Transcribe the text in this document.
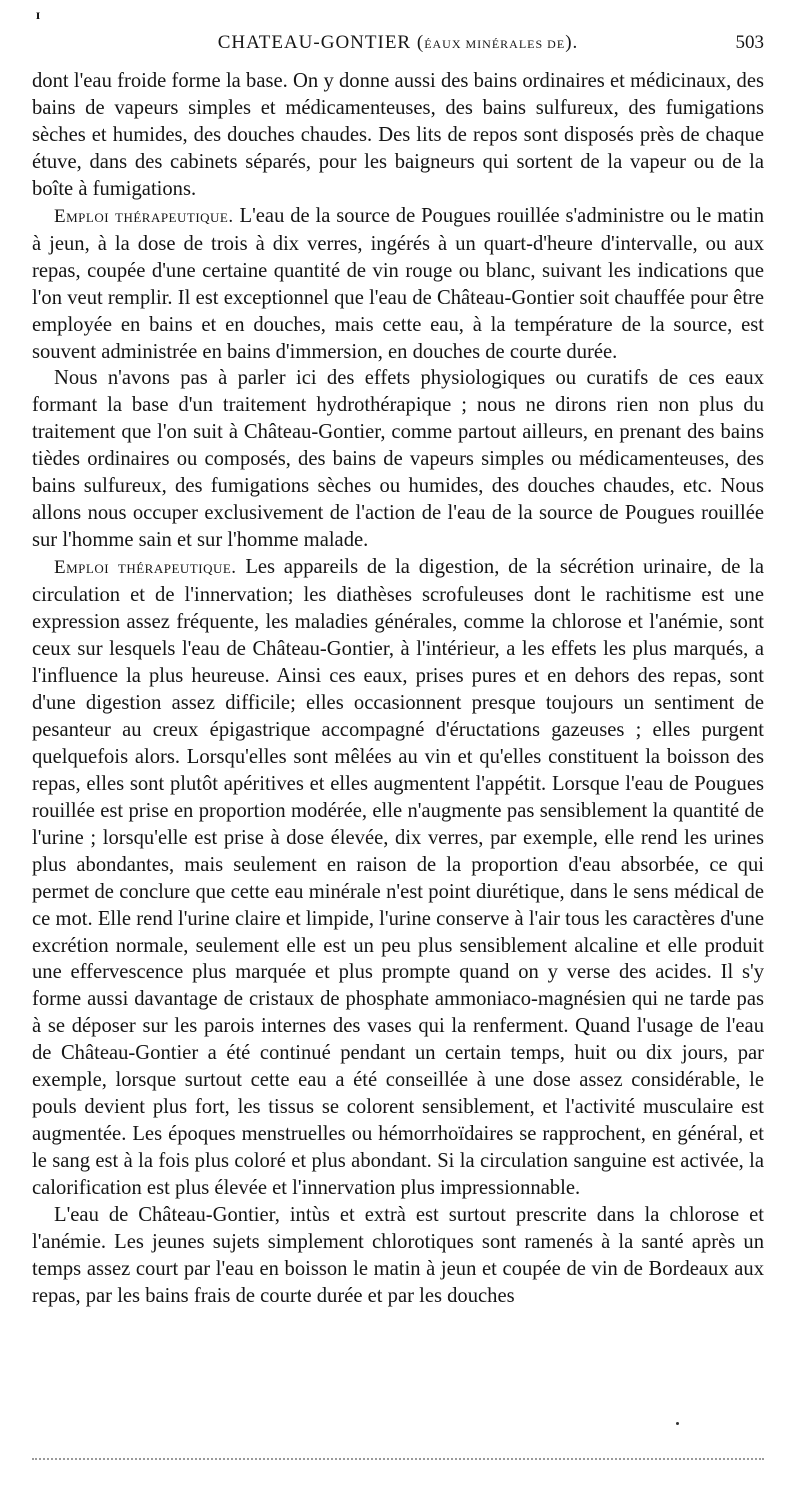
ɪ
CHATEAU-GONTIER (ÉAUX MINÉRALES DE).	503

dont l'eau froide forme la base. On y donne aussi des bains ordinaires et médicinaux, des bains de vapeurs simples et médicamenteuses, des bains sulfureux, des fumigations sèches et humides, des douches chaudes. Des lits de repos sont disposés près de chaque étuve, dans des cabinets séparés, pour les baigneurs qui sortent de la vapeur ou de la boîte à fumigations.

Emploi thérapeutique. L'eau de la source de Pougues rouillée s'administre ou le matin à jeun, à la dose de trois à dix verres, ingérés à un quart-d'heure d'intervalle, ou aux repas, coupée d'une certaine quantité de vin rouge ou blanc, suivant les indications que l'on veut remplir. Il est exceptionnel que l'eau de Château-Gontier soit chauffée pour être employée en bains et en douches, mais cette eau, à la température de la source, est souvent administrée en bains d'immersion, en douches de courte durée.

Nous n'avons pas à parler ici des effets physiologiques ou curatifs de ces eaux formant la base d'un traitement hydrothérapique ; nous ne dirons rien non plus du traitement que l'on suit à Château-Gontier, comme partout ailleurs, en prenant des bains tièdes ordinaires ou composés, des bains de vapeurs simples ou médicamenteuses, des bains sulfureux, des fumigations sèches ou humides, des douches chaudes, etc. Nous allons nous occuper exclusivement de l'action de l'eau de la source de Pougues rouillée sur l'homme sain et sur l'homme malade.

Emploi thérapeutique. Les appareils de la digestion, de la sécrétion urinaire, de la circulation et de l'innervation; les diathèses scrofuleuses dont le rachitisme est une expression assez fréquente, les maladies générales, comme la chlorose et l'anémie, sont ceux sur lesquels l'eau de Château-Gontier, à l'intérieur, a les effets les plus marqués, a l'influence la plus heureuse. Ainsi ces eaux, prises pures et en dehors des repas, sont d'une digestion assez difficile; elles occasionnent presque toujours un sentiment de pesanteur au creux épigastrique accompagné d'éructations gazeuses ; elles purgent quelquefois alors. Lorsqu'elles sont mêlées au vin et qu'elles constituent la boisson des repas, elles sont plutôt apéritives et elles augmentent l'appétit. Lorsque l'eau de Pougues rouillée est prise en proportion modérée, elle n'augmente pas sensiblement la quantité de l'urine ; lorsqu'elle est prise à dose élevée, dix verres, par exemple, elle rend les urines plus abondantes, mais seulement en raison de la proportion d'eau absorbée, ce qui permet de conclure que cette eau minérale n'est point diurétique, dans le sens médical de ce mot. Elle rend l'urine claire et limpide, l'urine conserve à l'air tous les caractères d'une excrétion normale, seulement elle est un peu plus sensiblement alcaline et elle produit une effervescence plus marquée et plus prompte quand on y verse des acides. Il s'y forme aussi davantage de cristaux de phosphate ammoniaco-magnésien qui ne tarde pas à se déposer sur les parois internes des vases qui la renferment. Quand l'usage de l'eau de Château-Gontier a été continué pendant un certain temps, huit ou dix jours, par exemple, lorsque surtout cette eau a été conseillée à une dose assez considérable, le pouls devient plus fort, les tissus se colorent sensiblement, et l'activité musculaire est augmentée. Les époques menstruelles ou hémorrhoïdaires se rapprochent, en général, et le sang est à la fois plus coloré et plus abondant. Si la circulation sanguine est activée, la calorification est plus élevée et l'innervation plus impressionnable.

L'eau de Château-Gontier, intùs et extrà est surtout prescrite dans la chlorose et l'anémie. Les jeunes sujets simplement chlorotiques sont ramenés à la santé après un temps assez court par l'eau en boisson le matin à jeun et coupée de vin de Bordeaux aux repas, par les bains frais de courte durée et par les douches
